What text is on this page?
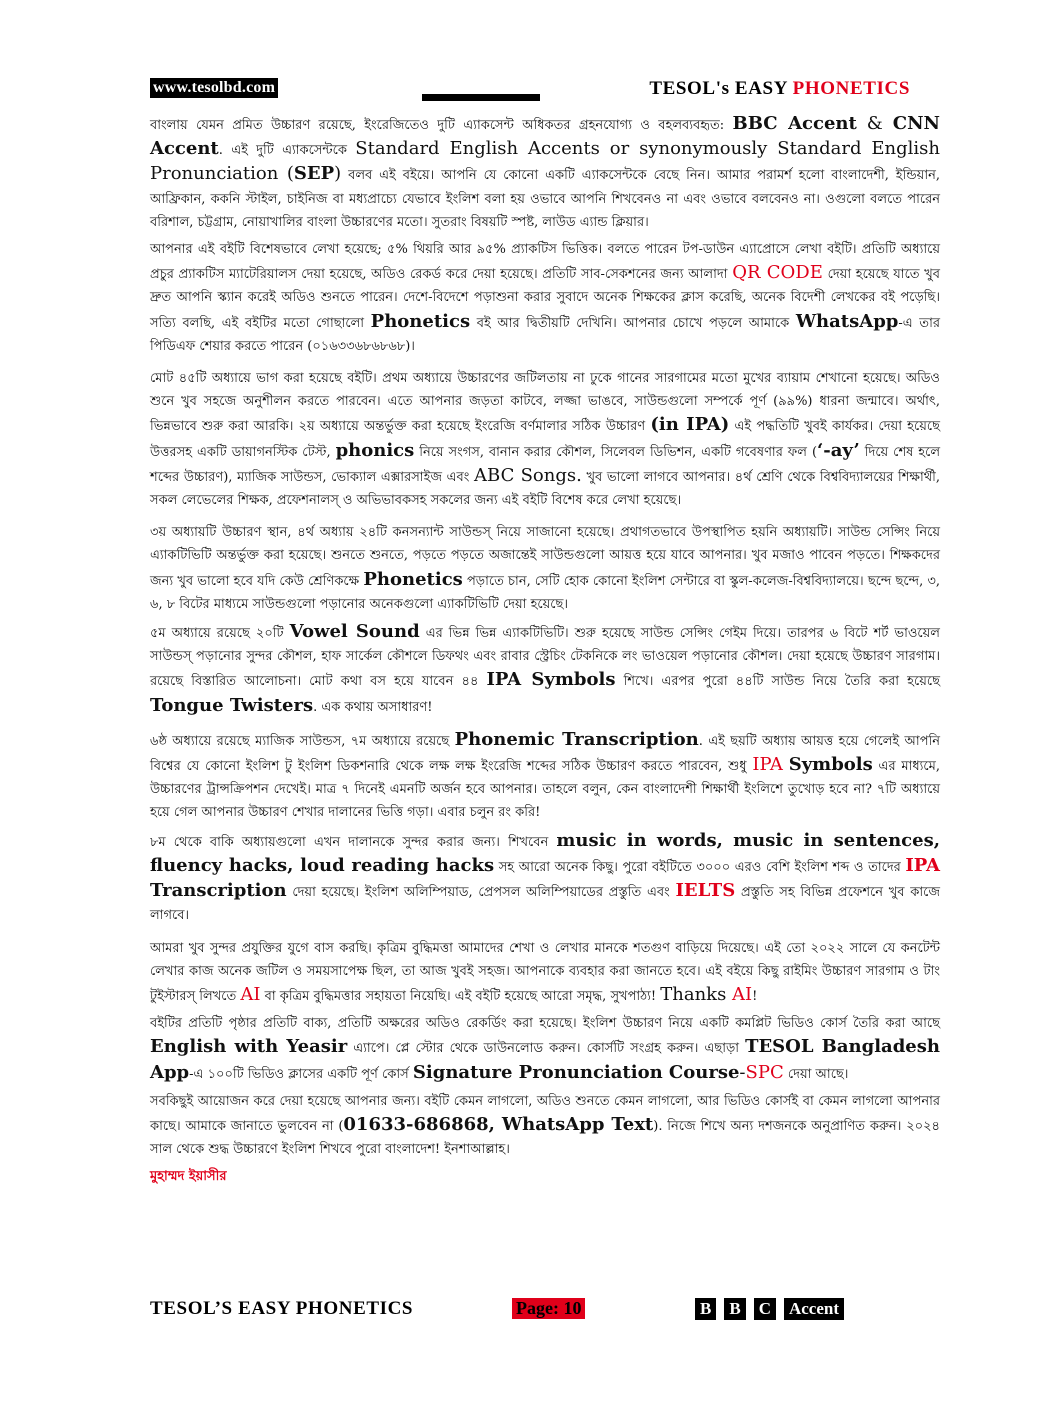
www.tesolbd.com	TESOL's EASY PHONETICS

বাংলায় যেমন প্রমিত উচ্চারণ রয়েছে, ইংরেজিতেও দুটি এ্যাকসেন্ট অধিকতর গ্রহনযোগ্য ও বহলব্যবহৃত: BBC Accent & CNN Accent. এই দুটি এ্যাকসেন্টকে Standard English Accents or synonymously Standard English Pronunciation (SEP) বলব এই বইয়ে। আপনি যে কোনো একটি এ্যাকসেন্টকে বেছে নিন। আমার পরামর্শ হলো বাংলাদেশী, ইন্ডিয়ান, আফ্রিকান, ককনি স্টাইল, চাইনিজ বা মধ্যপ্রাচ্যে যেভাবে ইংলিশ বলা হয় ওভাবে আপনি শিখবেনও না এবং ওভাবে বলবেনও না। ওগুলো বলতে পারেন বরিশাল, চট্টগ্রাম, নোয়াখালির বাংলা উচ্চারণের মতো। সুতরাং বিষয়টি স্পষ্ট, লাউড এ্যান্ড ক্লিয়ার।

আপনার এই বইটি বিশেষভাবে লেখা হয়েছে; ৫% থিয়রি আর ৯৫% প্র্যাকটিস ভিত্তিক। বলতে পারেন টপ-ডাউন এ্যাপ্রোসে লেখা বইটি। প্রতিটি অধ্যায়ে প্রচুর প্র্যাকটিস ম্যাটেরিয়ালস দেয়া হয়েছে, অডিও রেকর্ড করে দেয়া হয়েছে। প্রতিটি সাব-সেকশনের জন্য আলাদা QR CODE দেয়া হয়েছে যাতে খুব দ্রুত আপনি স্ক্যান করেই অডিও শুনতে পারেন। দেশে-বিদেশে পড়াশুনা করার সুবাদে অনেক শিক্ষকের ক্লাস করেছি, অনেক বিদেশী লেখকের বই পড়েছি। সত্যি বলছি, এই বইটির মতো গোছালো Phonetics বই আর দ্বিতীয়টি দেখিনি। আপনার চোখে পড়লে আমাকে WhatsApp-এ তার পিডিএফ শেয়ার করতে পারেন (০১৬৩৩৬৮৬৮৬৮)।

মোট ৪৫টি অধ্যায়ে ভাগ করা হয়েছে বইটি। প্রথম অধ্যায়ে উচ্চারণের জটিলতায় না ঢুকে গানের সারগামের মতো মুখের ব্যায়াম শেখানো হয়েছে। অডিও শুনে খুব সহজে অনুশীলন করতে পারবেন। এতে আপনার জড়তা কাটবে, লজ্জা ভাঙবে, সাউন্ডগুলো সম্পর্কে পূর্ণ (৯৯%) ধারনা জন্মাবে। অর্থাৎ, ভিন্নভাবে শুরু করা আরকি। ২য় অধ্যায়ে অন্তর্ভুক্ত করা হয়েছে ইংরেজি বর্ণমালার সঠিক উচ্চারণ (in IPA) এই পদ্ধতিটি খুবই কার্যকর। দেয়া হয়েছে উত্তরসহ একটি ডায়াগনস্টিক টেস্ট, phonics নিয়ে সংগস, বানান করার কৌশল, সিলেবল ডিভিশন, একটি গবেষণার ফল (‘-ay’ দিয়ে শেষ হলে শব্দের উচ্চারণ), ম্যাজিক সাউন্ডস, ভোক্যাল এক্সারসাইজ এবং ABC Songs. খুব ভালো লাগবে আপনার। ৪র্থ শ্রেণি থেকে বিশ্ববিদ্যালয়ের শিক্ষার্থী, সকল লেভেলের শিক্ষক, প্রফেশনালস্ ও অভিভাবকসহ সকলের জন্য এই বইটি বিশেষ করে লেখা হয়েছে।

৩য় অধ্যায়টি উচ্চারণ স্থান, ৪র্থ অধ্যায় ২৪টি কনসন্যান্ট সাউন্ডস্ নিয়ে সাজানো হয়েছে। প্রথাগতভাবে উপস্থাপিত হয়নি অধ্যায়টি। সাউন্ড সেন্সিং নিয়ে এ্যাকটিভিটি অন্তর্ভুক্ত করা হয়েছে। শুনতে শুনতে, পড়তে পড়তে অজান্তেই সাউন্ডগুলো আয়ত্ত হয়ে যাবে আপনার। খুব মজাও পাবেন পড়তে। শিক্ষকদের জন্য খুব ভালো হবে যদি কেউ শ্রেণিকক্ষে Phonetics পড়াতে চান, সেটি হোক কোনো ইংলিশ সেন্টারে বা স্কুল-কলেজ-বিশ্ববিদ্যালয়ে। ছন্দে ছন্দে, ৩, ৬, ৮ বিটের মাধ্যমে সাউন্ডগুলো পড়ানোর অনেকগুলো এ্যাকটিভিটি দেয়া হয়েছে।

৫ম অধ্যায়ে রয়েছে ২০টি Vowel Sound এর ভিন্ন ভিন্ন এ্যাকটিভিটি। শুরু হয়েছে সাউন্ড সেন্সিং গেইম দিয়ে। তারপর ৬ বিটে শর্ট ভাওয়েল সাউন্ডস্ পড়ানোর সুন্দর কৌশল, হাফ সার্কেল কৌশলে ডিফথং এবং রাবার স্ট্রেচিং টেকনিকে লং ভাওয়েল পড়ানোর কৌশল। দেয়া হয়েছে উচ্চারণ সারগাম। রয়েছে বিস্তারিত আলোচনা। মোট কথা বস হয়ে যাবেন ৪৪ IPA Symbols শিখে। এরপর পুরো ৪৪টি সাউন্ড নিয়ে তৈরি করা হয়েছে Tongue Twisters. এক কথায় অসাধারণ!

৬ষ্ঠ অধ্যায়ে রয়েছে ম্যাজিক সাউন্ডস, ৭ম অধ্যায়ে রয়েছে Phonemic Transcription. এই ছয়টি অধ্যায় আয়ত্ত হয়ে গেলেই আপনি বিশ্বের যে কোনো ইংলিশ টু ইংলিশ ডিকশনারি থেকে লক্ষ লক্ষ ইংরেজি শব্দের সঠিক উচ্চারণ করতে পারবেন, শুধু IPA Symbols এর মাধ্যমে, উচ্চারণের ট্রান্সক্রিপশন দেখেই। মাত্র ৭ দিনেই এমনটি অর্জন হবে আপনার। তাহলে বলুন, কেন বাংলাদেশী শিক্ষার্থী ইংলিশে তুখোড় হবে না? ৭টি অধ্যায়ে হয়ে গেল আপনার উচ্চারণ শেখার দালানের ভিত্তি গড়া। এবার চলুন রং করি!

৮ম থেকে বাকি অধ্যায়গুলো এখন দালানকে সুন্দর করার জন্য। শিখবেন music in words, music in sentences, fluency hacks, loud reading hacks সহ আরো অনেক কিছু। পুরো বইটিতে ৩০০০ এরও বেশি ইংলিশ শব্দ ও তাদের IPA Transcription দেয়া হয়েছে। ইংলিশ অলিম্পিয়াড, প্রেপসল অলিম্পিয়াডের প্রস্তুতি এবং IELTS প্রস্তুতি সহ বিভিন্ন প্রফেশনে খুব কাজে লাগবে।

আমরা খুব সুন্দর প্রযুক্তির যুগে বাস করছি। কৃত্রিম বুদ্ধিমত্তা আমাদের শেখা ও লেখার মানকে শতগুণ বাড়িয়ে দিয়েছে। এই তো ২০২২ সালে যে কনটেন্ট লেখার কাজ অনেক জটিল ও সময়সাপেক্ষ ছিল, তা আজ খুবই সহজ। আপনাকে ব্যবহার করা জানতে হবে। এই বইয়ে কিছু রাইমিং উচ্চারণ সারগাম ও টাং টুইস্টারস্ লিখতে AI বা কৃত্রিম বুদ্ধিমত্তার সহায়তা নিয়েছি। এই বইটি হয়েছে আরো সমৃদ্ধ, সুখপাঠ্য! Thanks AI!

বইটির প্রতিটি পৃষ্ঠার প্রতিটি বাক্য, প্রতিটি অক্ষরের অডিও রেকর্ডিং করা হয়েছে। ইংলিশ উচ্চারণ নিয়ে একটি কমপ্লিট ভিডিও কোর্স তৈরি করা আছে English with Yeasir এ্যাপে। প্লে স্টোর থেকে ডাউনলোড করুন। কোর্সটি সংগ্রহ করুন। এছাড়া TESOL Bangladesh App-এ ১০০টি ভিডিও ক্লাসের একটি পূর্ণ কোর্স Signature Pronunciation Course-SPC দেয়া আছে।

সবকিছুই আয়োজন করে দেয়া হয়েছে আপনার জন্য। বইটি কেমন লাগলো, অডিও শুনতে কেমন লাগলো, আর ভিডিও কোর্সই বা কেমন লাগলো আপনার কাছে। আমাকে জানাতে ভুলবেন না (01633-686868, WhatsApp Text). নিজে শিখে অন্য দশজনকে অনুপ্রাণিত করুন। ২০২৪ সাল থেকে শুদ্ধ উচ্চারণে ইংলিশ শিখবে পুরো বাংলাদেশ! ইনশাআল্লাহ।

মুহাম্মদ ইয়াসীর

TESOL’S EASY PHONETICS	Page: 10	B B C Accent
